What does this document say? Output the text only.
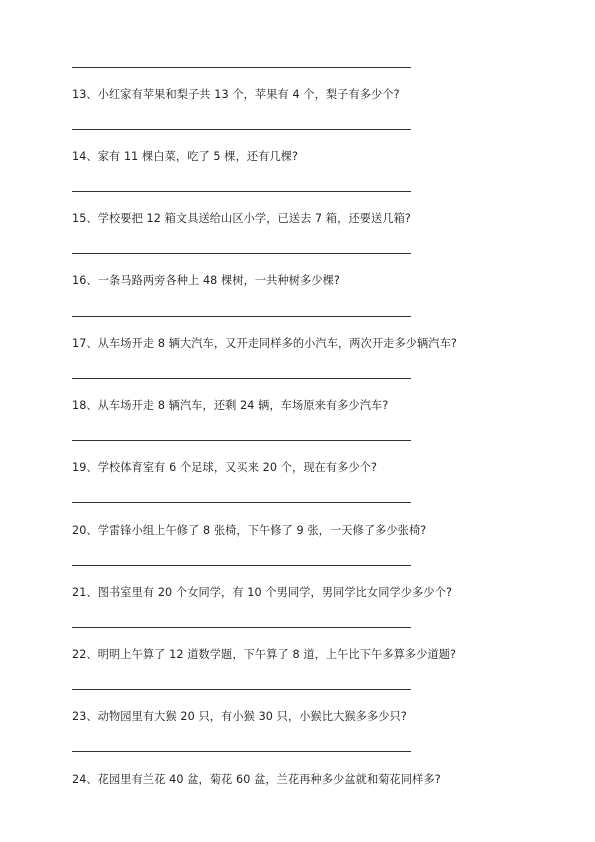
13、小红家有苹果和梨子共 13 个，苹果有 4 个，梨子有多少个?
14、家有 11 棵白菜，吃了 5 棵，还有几棵?
15、学校要把 12 箱文具送给山区小学，已送去 7 箱，还要送几箱?
16、一条马路两旁各种上 48 棵树，一共种树多少棵?
17、从车场开走 8 辆大汽车，又开走同样多的小汽车，两次开走多少辆汽车?
18、从车场开走 8 辆汽车，还剩 24 辆，车场原来有多少汽车?
19、学校体育室有 6 个足球，又买来 20 个，现在有多少个?
20、学雷锋小组上午修了 8 张椅，下午修了 9 张，一天修了多少张椅?
21、图书室里有 20 个女同学，有 10 个男同学，男同学比女同学少多少个?
22、明明上午算了 12 道数学题，下午算了 8 道，上午比下午多算多少道题?
23、动物园里有大猴 20 只，有小猴 30 只，小猴比大猴多多少只?
24、花园里有兰花 40 盆，菊花 60 盆，兰花再种多少盆就和菊花同样多?
